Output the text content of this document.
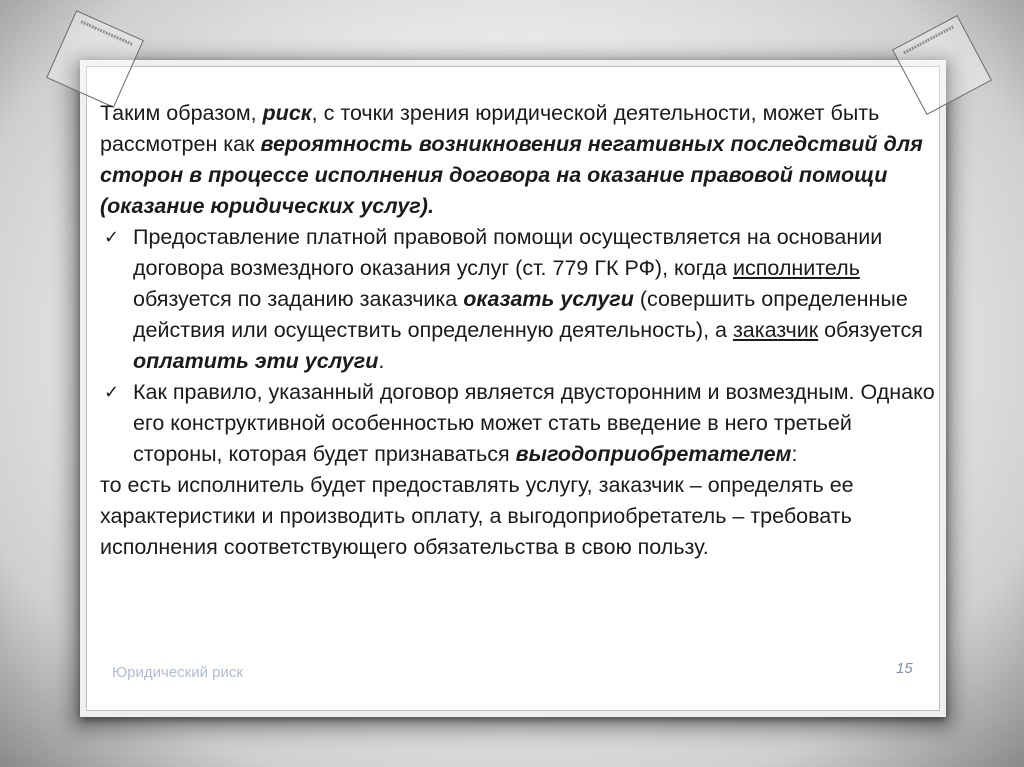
Юридический риск

Таким образом, риск, с точки зрения юридической деятельности, может быть рассмотрен как вероятность возникновения негативных последствий для сторон в процессе исполнения договора на оказание правовой помощи (оказание юридических услуг).

✓ Предоставление платной правовой помощи осуществляется на основании договора возмездного оказания услуг (ст. 779 ГК РФ), когда исполнитель обязуется по заданию заказчика оказать услуги (совершить определенные действия или осуществить определенную деятельность), а заказчик обязуется оплатить эти услуги.

✓ Как правило, указанный договор является двусторонним и возмездным. Однако его конструктивной особенностью может стать введение в него третьей стороны, которая будет признаваться выгодоприобретателем:

то есть исполнитель будет предоставлять услугу, заказчик – определять ее характеристики и производить оплату, а выгодоприобретатель – требовать исполнения соответствующего обязательства в свою пользу.

15
